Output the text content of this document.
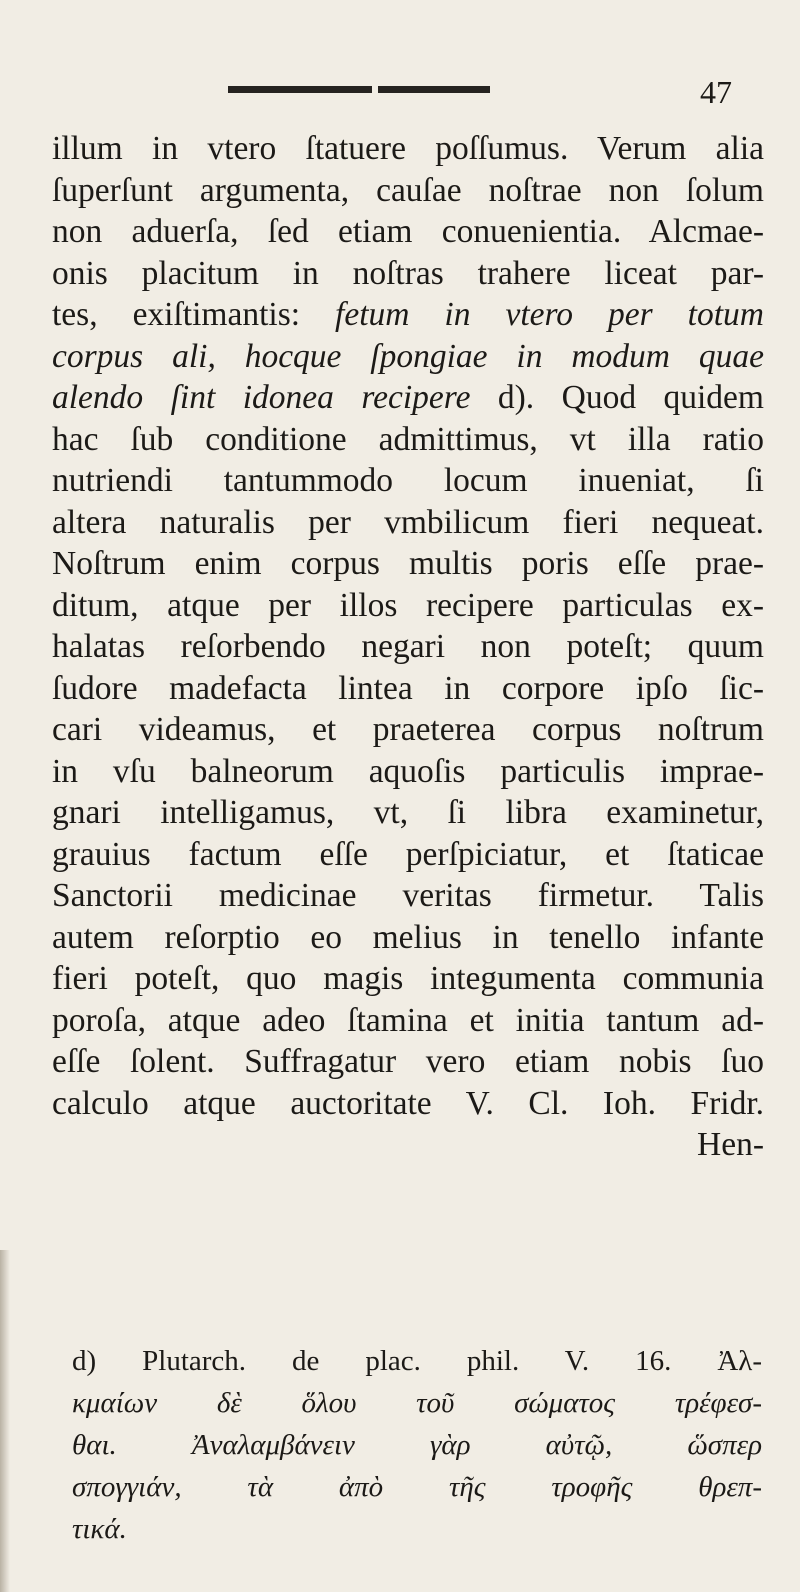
47
illum in vtero ſtatuere poſſumus. Verum alia
ſuperſunt argumenta, cauſae noſtrae non ſolum
non aduerſa, ſed etiam conuenientia. Alcmae-
onis placitum in noſtras trahere liceat par-
tes, exiſtimantis: fetum in vtero per totum
corpus ali, hocque ſpongiae in modum quae
alendo ſint idonea recipere d). Quod quidem
hac ſub conditione admittimus, vt illa ratio
nutriendi tantummodo locum inueniat, ſi
altera naturalis per vmbilicum fieri nequeat.
Noſtrum enim corpus multis poris eſſe prae-
ditum, atque per illos recipere particulas ex-
halatas reſorbendo negari non poteſt; quum
ſudore madefacta lintea in corpore ipſo ſic-
cari videamus, et praeterea corpus noſtrum
in vſu balneorum aquoſis particulis imprae-
gnari intelligamus, vt, ſi libra examinetur,
grauius factum eſſe perſpiciatur, et ſtaticae
Sanctorii medicinae veritas firmetur. Talis
autem reſorptio eo melius in tenello infante
fieri poteſt, quo magis integumenta communia
poroſa, atque adeo ſtamina et initia tantum ad-
eſſe ſolent. Suffragatur vero etiam nobis ſuo
calculo atque auctoritate V. Cl. Ioh. Fridr.
Hen-
d) Plutarch. de plac. phil. V. 16. Ἀλ-
κμαίων δὲ ὅλου τοῦ σώματος τρέφεσ-
θαι. Ἀναλαμβάνειν γὰρ αὐτῷ, ὥσπερ
σπογγιάν, τὰ ἀπὸ τῆς τροφῆς θρεπ-
τικά.
